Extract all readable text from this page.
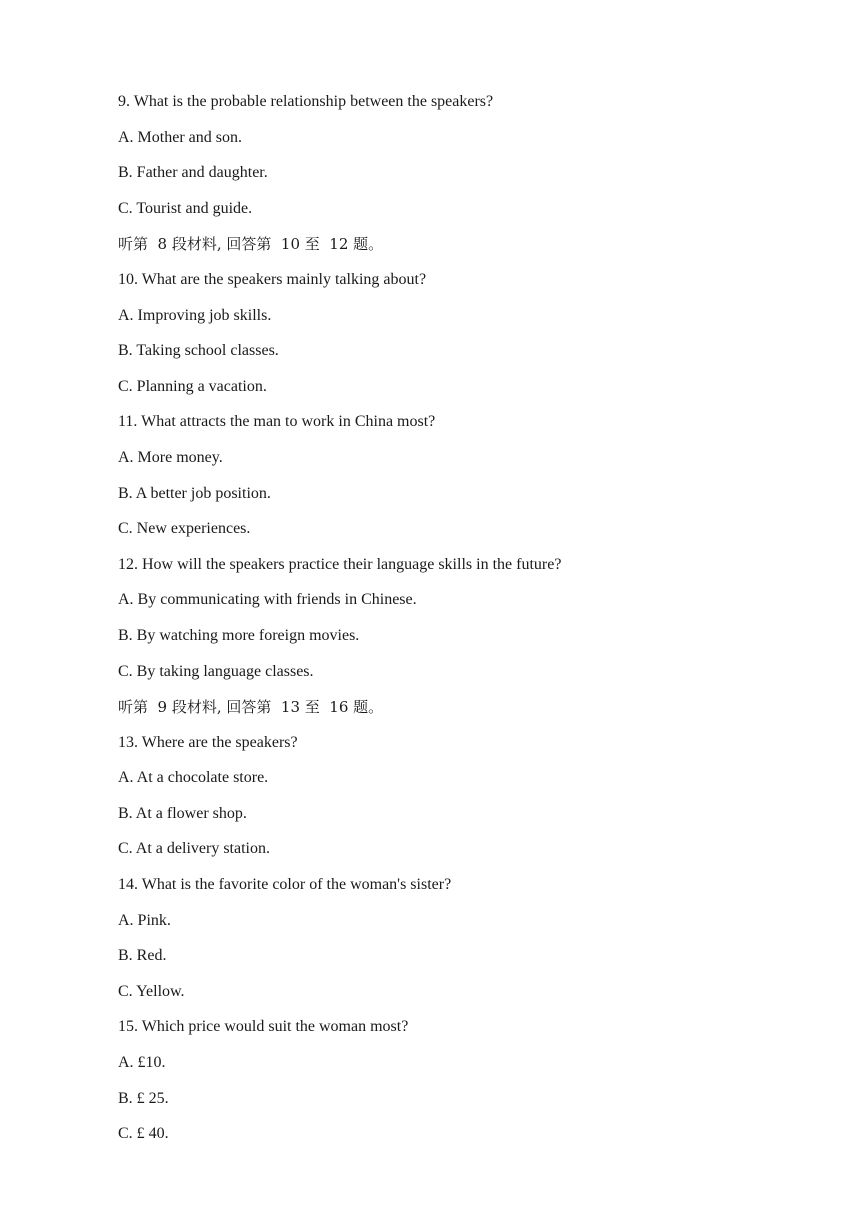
9. What is the probable relationship between the speakers?
A. Mother and son.
B. Father and daughter.
C. Tourist and guide.
听第  8 段材料, 回答第  10 至  12 题。
10. What are the speakers mainly talking about?
A. Improving job skills.
B. Taking school classes.
C. Planning a vacation.
11. What attracts the man to work in China most?
A. More money.
B. A better job position.
C. New experiences.
12. How will the speakers practice their language skills in the future?
A. By communicating with friends in Chinese.
B. By watching more foreign movies.
C. By taking language classes.
听第  9 段材料, 回答第  13 至  16 题。
13. Where are the speakers?
A. At a chocolate store.
B. At a flower shop.
C. At a delivery station.
14. What is the favorite color of the woman's sister?
A. Pink.
B. Red.
C. Yellow.
15. Which price would suit the woman most?
A. £10.
B. £ 25.
C. £ 40.
